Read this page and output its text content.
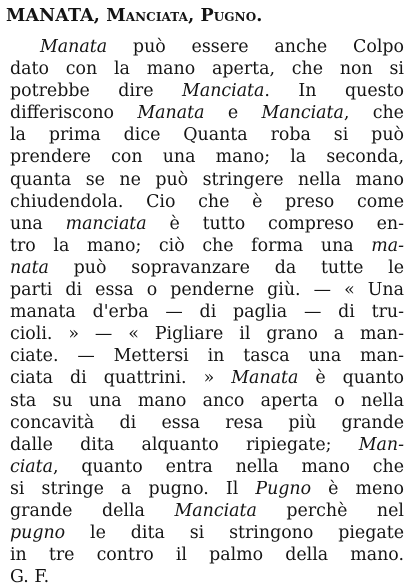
MANATA, Manciata, Pugno.
Manata può essere anche Colpo
dato con la mano aperta, che non si
potrebbe dire Manciata. In questo
differiscono Manata e Manciata, che
la prima dice Quanta roba si può
prendere con una mano; la seconda,
quanta se ne può stringere nella mano
chiudendola. Cio che è preso come
una manciata è tutto compreso en-
tro la mano; ciò che forma una ma-
nata può sopravanzare da tutte le
parti di essa o penderne giù. — « Una
manata d'erba — di paglia — di tru-
cioli. » — « Pigliare il grano a man-
ciate. — Mettersi in tasca una man-
ciata di quattrini. » Manata è quanto
sta su una mano anco aperta o nella
concavità di essa resa più grande
dalle dita alquanto ripiegate; Man-
ciata, quanto entra nella mano che
si stringe a pugno. Il Pugno è meno
grande della Manciata perchè nel
pugno le dita si stringono piegate
in tre contro il palmo della mano.
G. F.
